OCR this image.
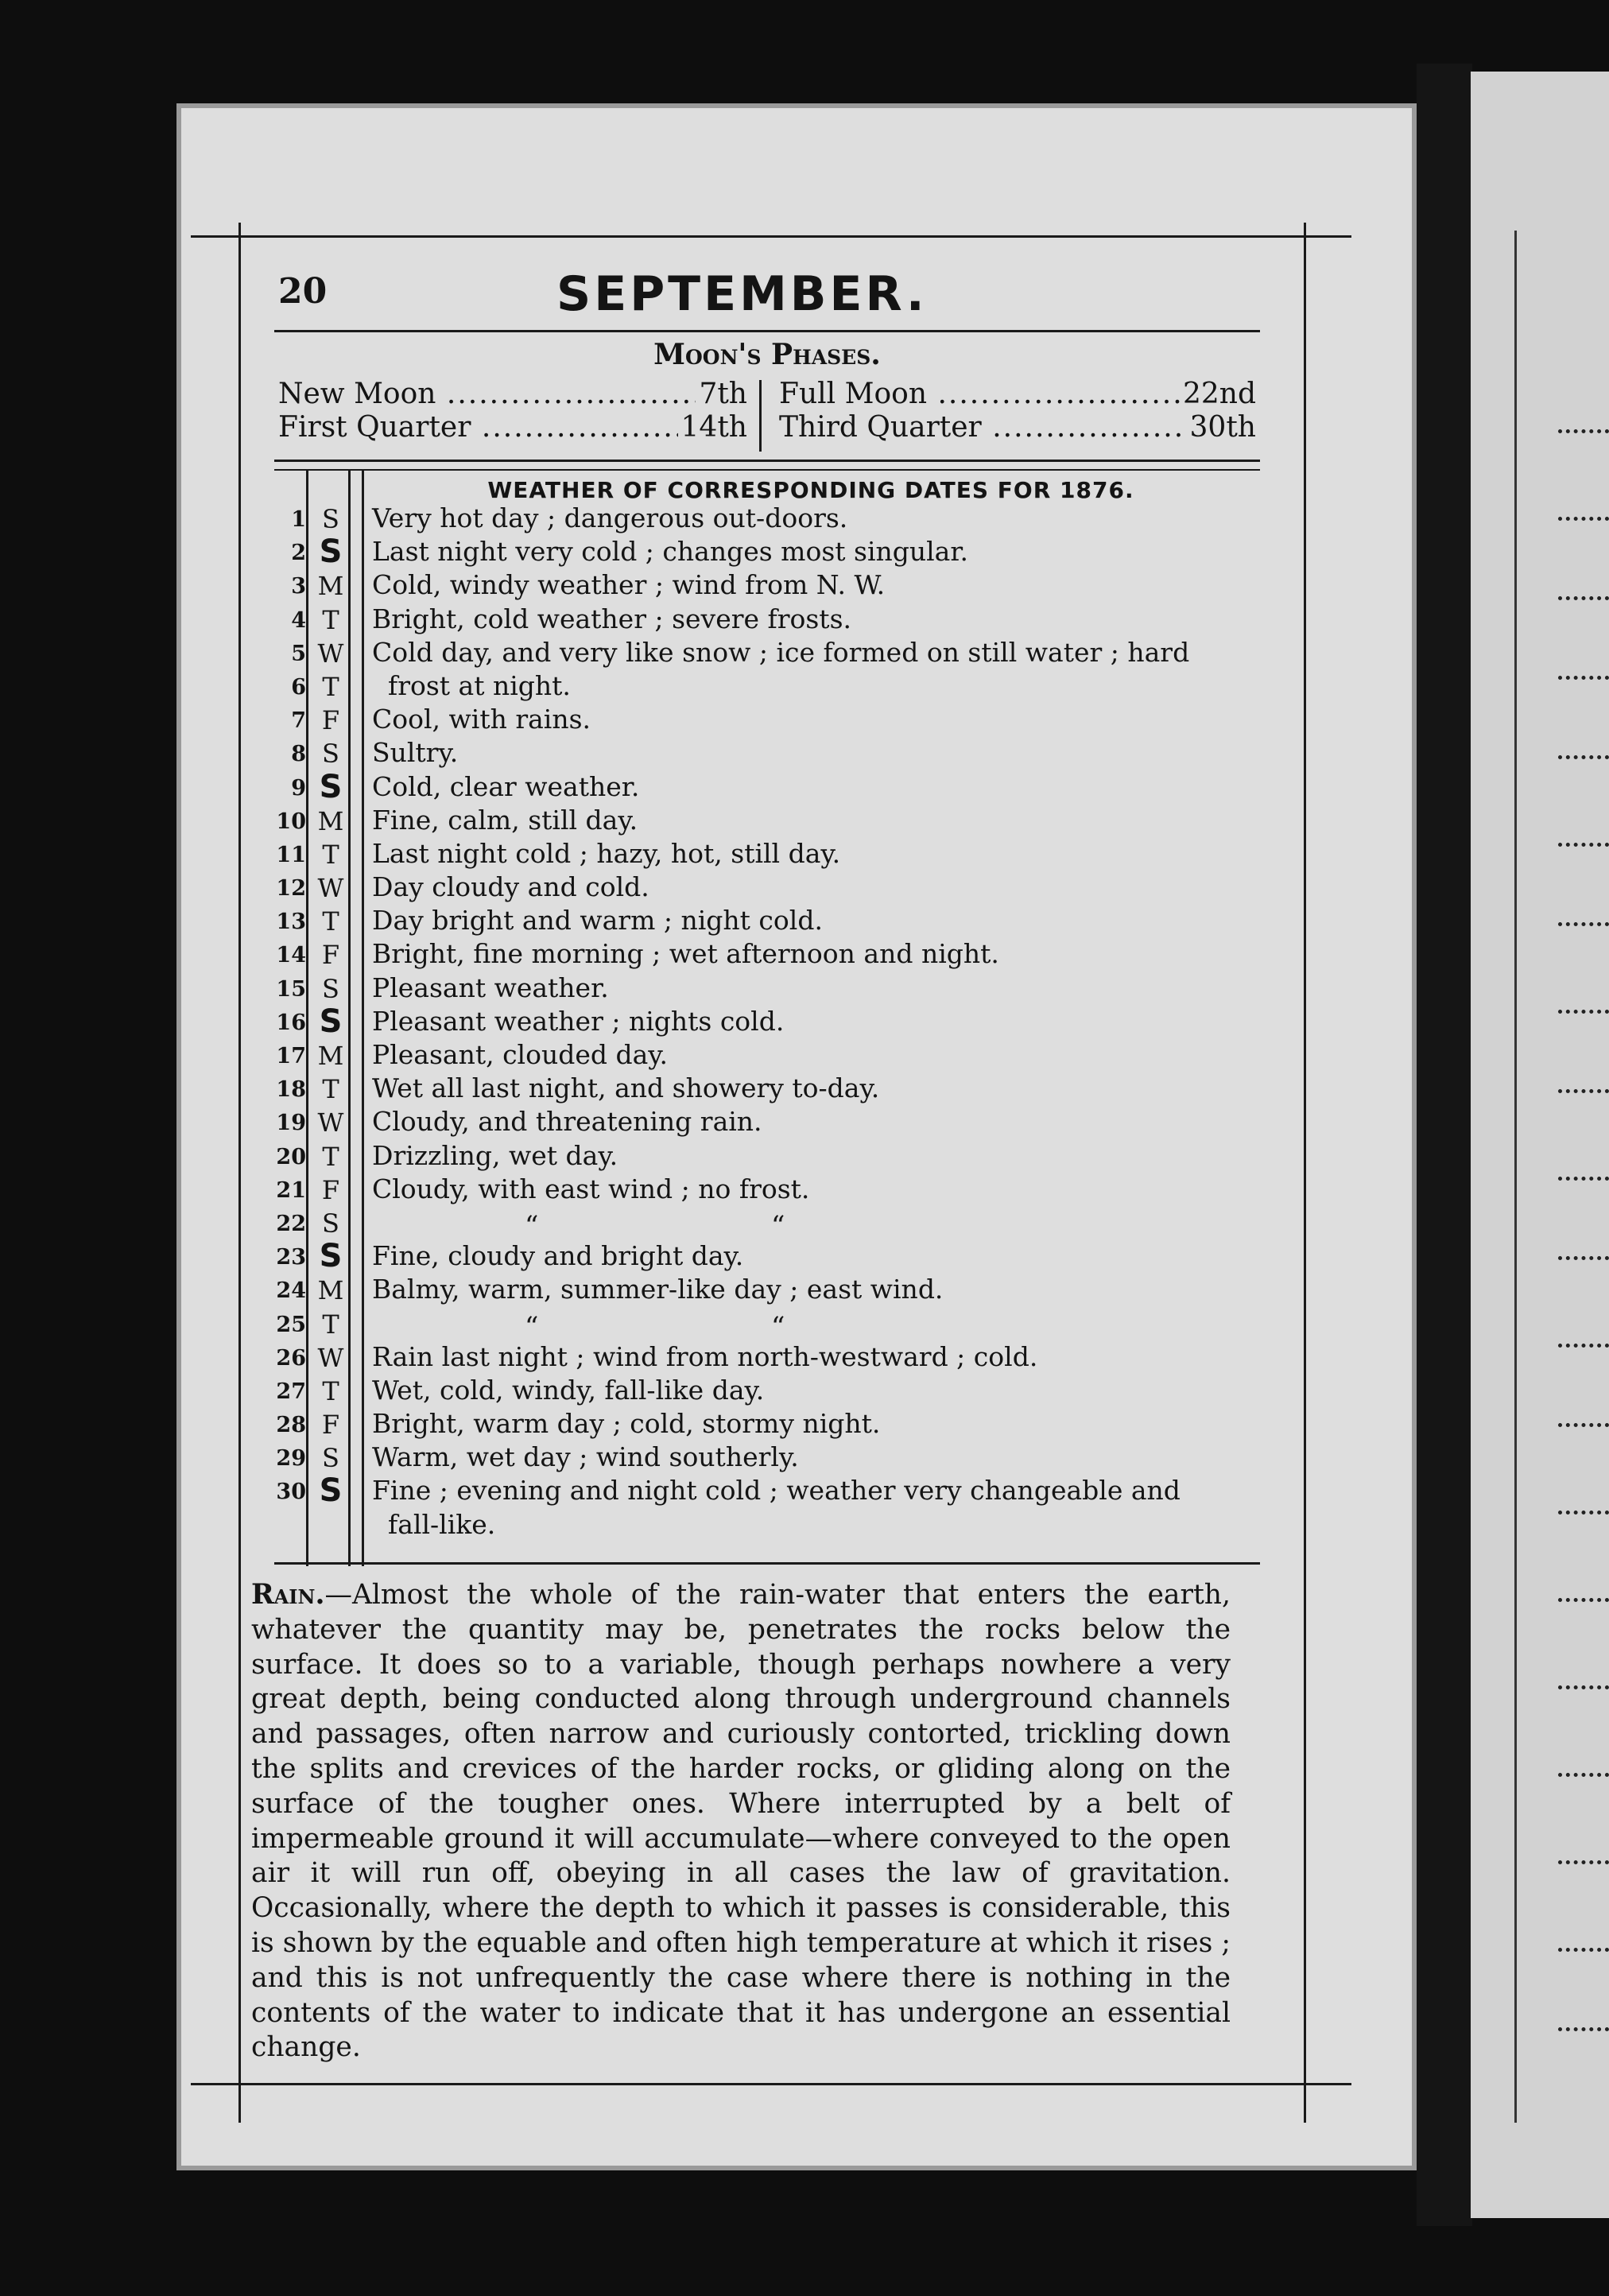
20	SEPTEMBER.
Moon's Phases.
New Moon .....	7th
First Quarter .....	14th
Full Moon .....	22nd
Third Quarter .....	30th
WEATHER OF CORRESPONDING DATES FOR 1876.
1 S Very hot day ; dangerous out-doors.
2 S Last night very cold ; changes most singular.
3 M Cold, windy weather ; wind from N. W.
4 T Bright, cold weather ; severe frosts.
5 W Cold day, and very like snow ; ice formed on still water ; hard
6 T frost at night.
7 F Cool, with rains.
8 S Sultry.
9 S Cold, clear weather.
10 M Fine, calm, still day.
11 T Last night cold ; hazy, hot, still day.
12 W Day cloudy and cold.
13 T Day bright and warm ; night cold.
14 F Bright, fine morning ; wet afternoon and night.
15 S Pleasant weather.
16 S Pleasant weather ; nights cold.
17 M Pleasant, clouded day.
18 T Wet all last night, and showery to-day.
19 W Cloudy, and threatening rain.
20 T Drizzling, wet day.
21 F Cloudy, with east wind ; no frost.
22 S	“	“
23 S Fine, cloudy and bright day.
24 M Balmy, warm, summer-like day ; east wind.
25 T	“	“
26 W Rain last night ; wind from north-westward ; cold.
27 T Wet, cold, windy, fall-like day.
28 F Bright, warm day ; cold, stormy night.
29 S Warm, wet day ; wind southerly.
30 S Fine ; evening and night cold ; weather very changeable and
fall-like.
Rain.—Almost the whole of the rain-water that enters the earth, whatever the quantity may be, penetrates the rocks below the surface. It does so to a variable, though perhaps nowhere a very great depth, being conducted along through underground channels and passages, often narrow and curiously contorted, trickling down the splits and crevices of the harder rocks, or gliding along on the surface of the tougher ones. Where interrupted by a belt of impermeable ground it will accumulate—where conveyed to the open air it will run off, obeying in all cases the law of gravitation. Occasionally, where the depth to which it passes is considerable, this is shown by the equable and often high temperature at which it rises ; and this is not unfrequently the case where there is nothing in the contents of the water to indicate that it has undergone an essential change.
